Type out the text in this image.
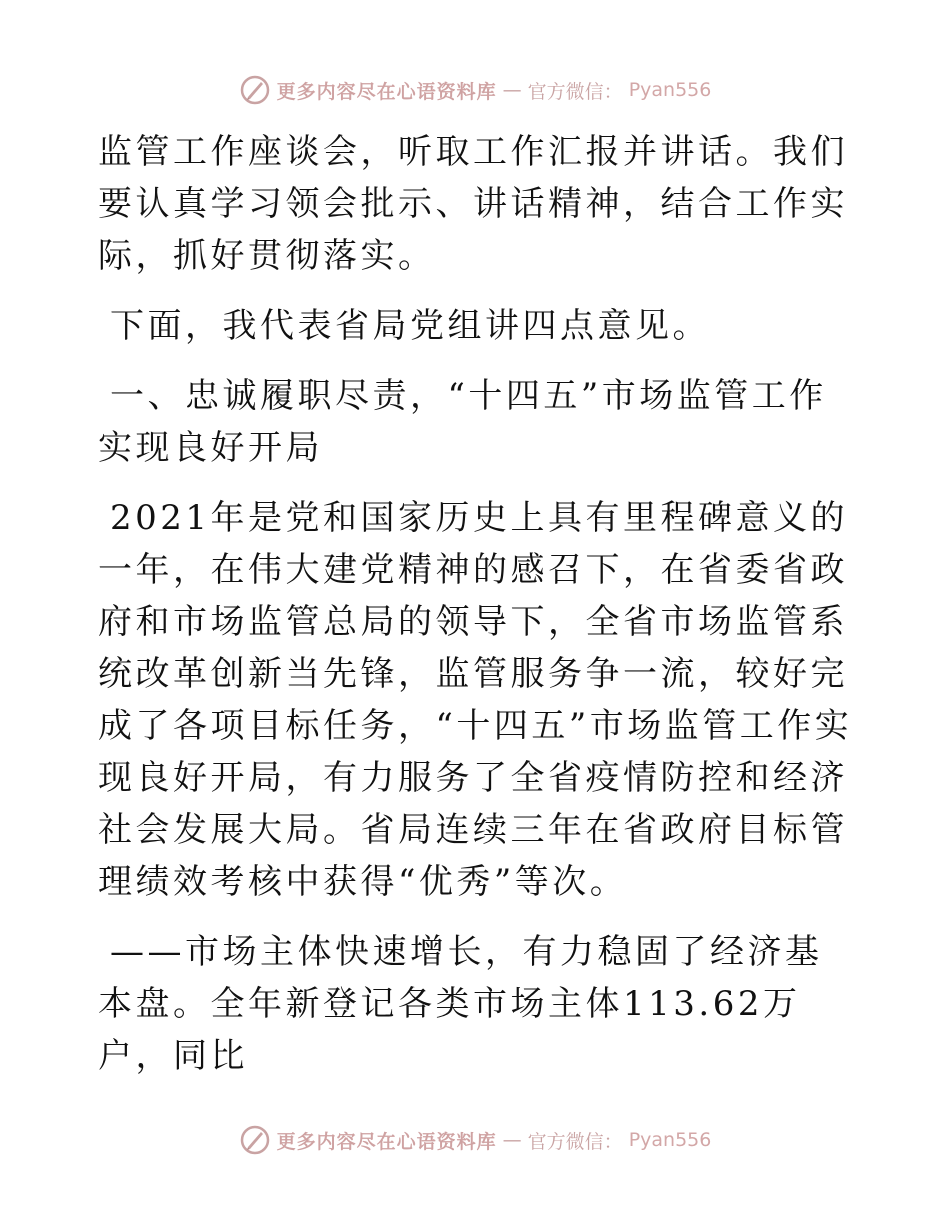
更多内容尽在心语资料库 — 官方微信： Pyan556

监管工作座谈会，听取工作汇报并讲话。我们要认真学习领会批示、讲话精神，结合工作实际，抓好贯彻落实。

下面，我代表省局党组讲四点意见。

一、忠诚履职尽责，“十四五”市场监管工作实现良好开局

2021年是党和国家历史上具有里程碑意义的一年，在伟大建党精神的感召下，在省委省政府和市场监管总局的领导下，全省市场监管系统改革创新当先锋，监管服务争一流，较好完成了各项目标任务，“十四五”市场监管工作实现良好开局，有力服务了全省疫情防控和经济社会发展大局。省局连续三年在省政府目标管理绩效考核中获得“优秀”等次。

——市场主体快速增长，有力稳固了经济基本盘。全年新登记各类市场主体113.62万户，同比

更多内容尽在心语资料库 — 官方微信： Pyan556
